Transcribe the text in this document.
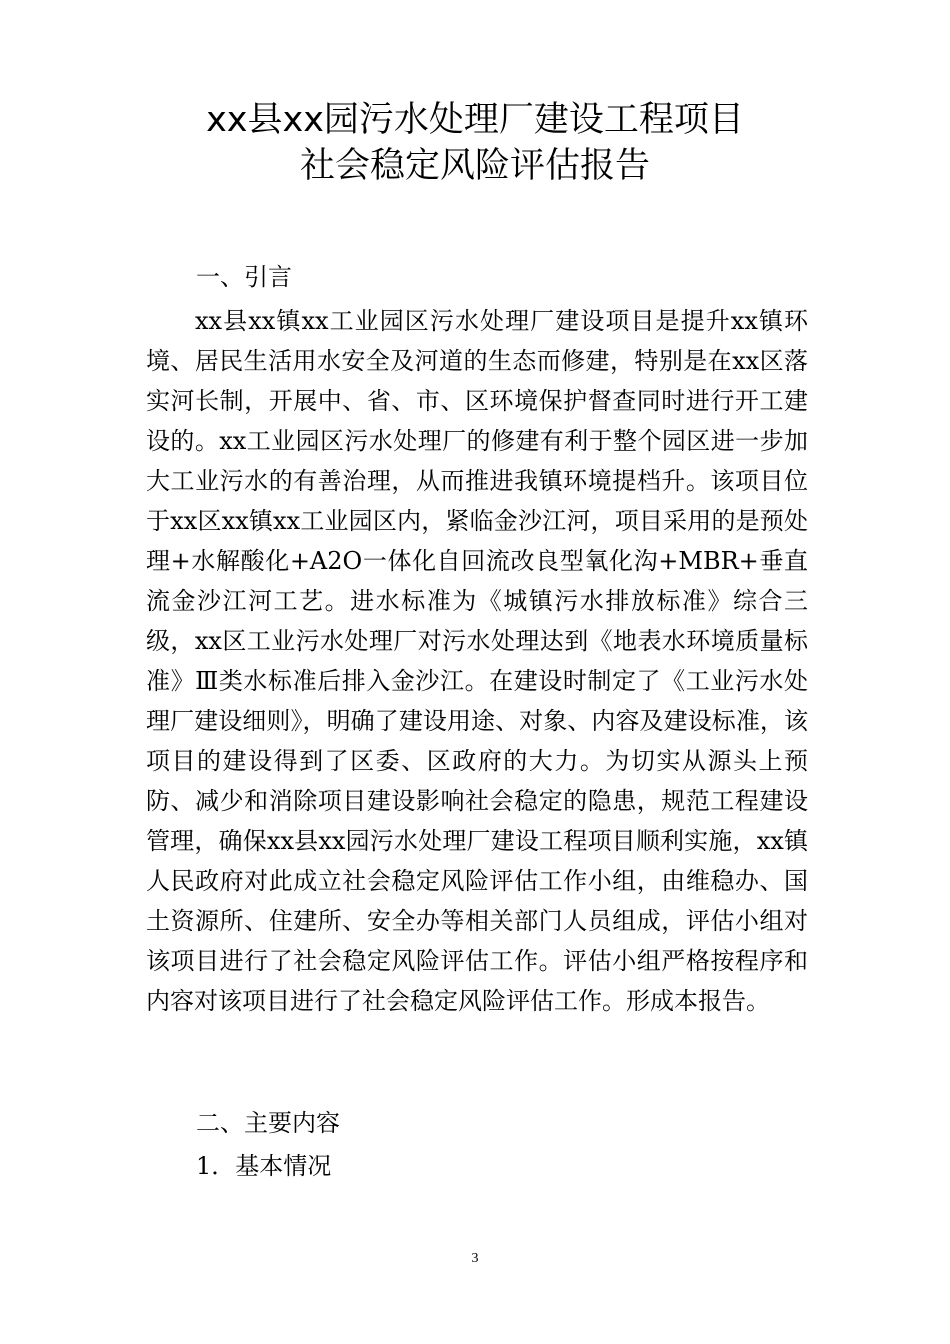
xx县xx园污水处理厂建设工程项目
社会稳定风险评估报告
一、引言

xx县xx镇xx工业园区污水处理厂建设项目是提升xx镇环境、居民生活用水安全及河道的生态而修建，特别是在xx区落实河长制，开展中、省、市、区环境保护督查同时进行开工建设的。xx工业园区污水处理厂的修建有利于整个园区进一步加大工业污水的有善治理，从而推进我镇环境提档升。该项目位于xx区xx镇xx工业园区内，紧临金沙江河，项目采用的是预处理+水解酸化+A2O一体化自回流改良型氧化沟+MBR+垂直流金沙江河工艺。进水标准为《城镇污水排放标准》综合三级，xx区工业污水处理厂对污水处理达到《地表水环境质量标准》Ⅲ类水标准后排入金沙江。在建设时制定了《工业污水处理厂建设细则》，明确了建设用途、对象、内容及建设标准，该项目的建设得到了区委、区政府的大力。为切实从源头上预防、减少和消除项目建设影响社会稳定的隐患，规范工程建设管理，确保xx县xx园污水处理厂建设工程项目顺利实施，xx镇人民政府对此成立社会稳定风险评估工作小组，由维稳办、国土资源所、住建所、安全办等相关部门人员组成，评估小组对该项目进行了社会稳定风险评估工作。评估小组严格按程序和内容对该项目进行了社会稳定风险评估工作。形成本报告。

二、主要内容
1．基本情况
3
